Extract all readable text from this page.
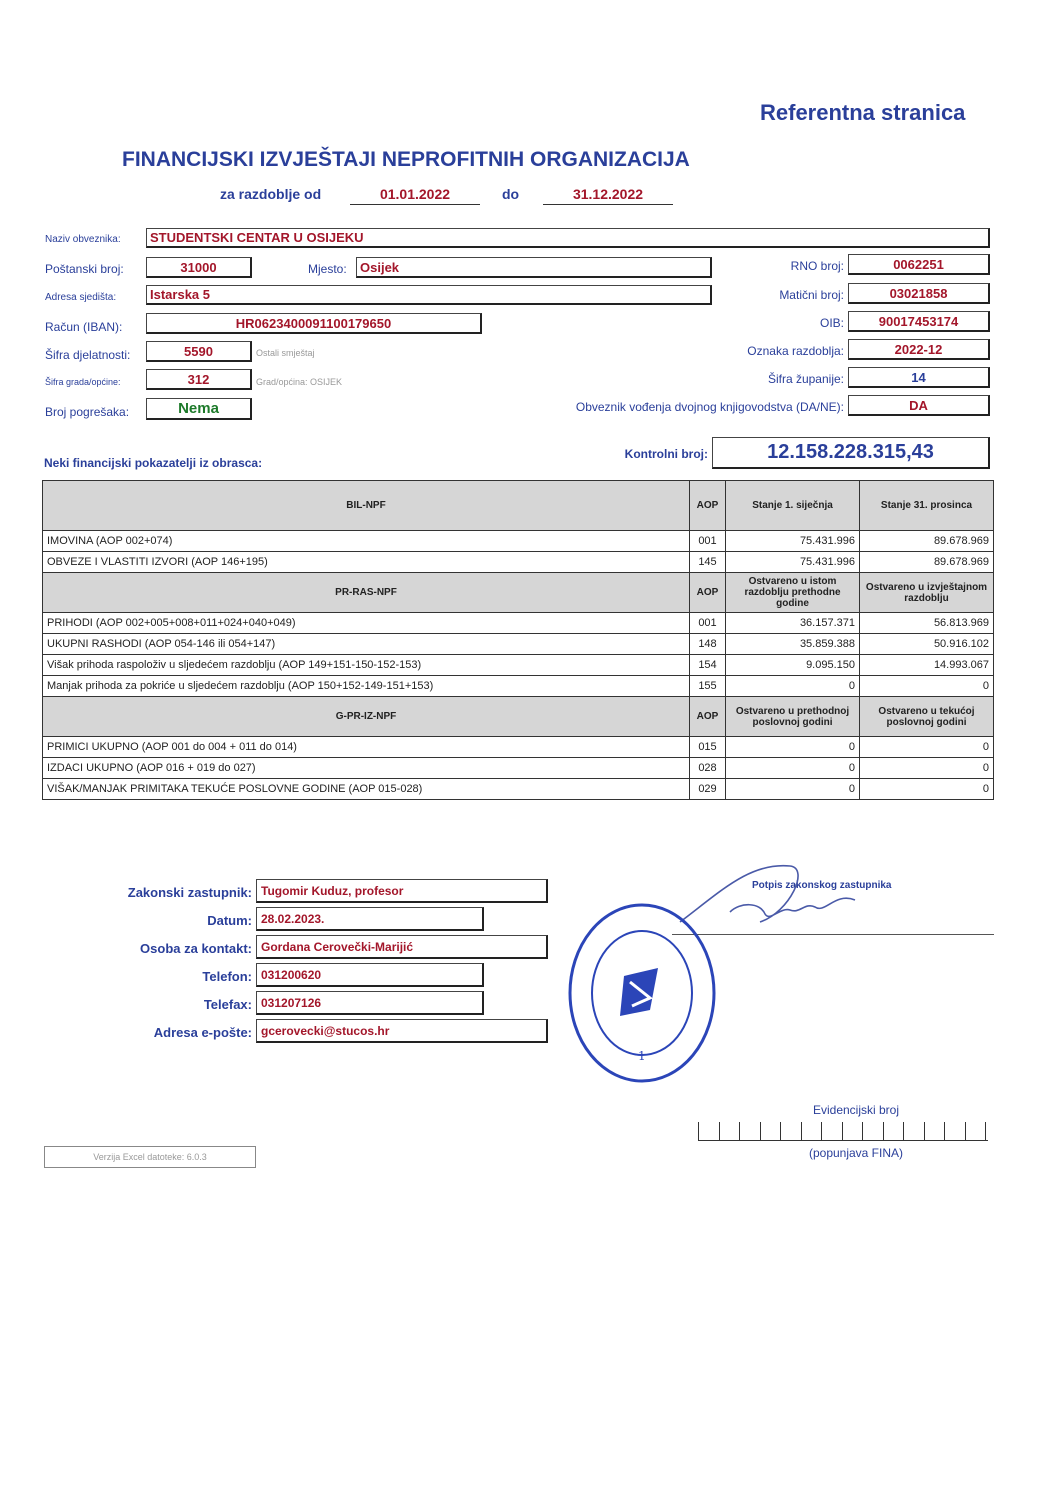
Referentna stranica
FINANCIJSKI IZVJEŠTAJI NEPROFITNIH ORGANIZACIJA
za razdoblje od	01.01.2022	do	31.12.2022
Naziv obveznika:	STUDENTSKI CENTAR U OSIJEKU
Poštanski broj:	31000	Mjesto:	Osijek	RNO broj:	0062251
Adresa sjedišta:	Istarska 5	Matični broj:	03021858
Račun (IBAN):	HR0623400091100179650	OIB:	90017453174
Šifra djelatnosti:	5590	Ostali smještaj	Oznaka razdoblja:	2022-12
Šifra grada/općine:	312	Grad/općina: OSIJEK	Šifra županije:	14
Broj pogrešaka:	Nema	Obveznik vođenja dvojnog knjigovodstva (DA/NE):	DA
Neki financijski pokazatelji iz obrasca:
Kontrolni broj:	12.158.228.315,43
BIL-NPF	AOP	Stanje 1. siječnja	Stanje 31. prosinca
IMOVINA (AOP 002+074)	001	75.431.996	89.678.969
OBVEZE I VLASTITI IZVORI (AOP 146+195)	145	75.431.996	89.678.969
PR-RAS-NPF	AOP	Ostvareno u istom razdoblju prethodne godine	Ostvareno u izvještajnom razdoblju
PRIHODI (AOP 002+005+008+011+024+040+049)	001	36.157.371	56.813.969
UKUPNI RASHODI (AOP 054-146 ili 054+147)	148	35.859.388	50.916.102
Višak prihoda raspoloživ u sljedećem razdoblju (AOP 149+151-150-152-153)	154	9.095.150	14.993.067
Manjak prihoda za pokriće u sljedećem razdoblju (AOP 150+152-149-151+153)	155	0	0
G-PR-IZ-NPF	AOP	Ostvareno u prethodnoj poslovnoj godini	Ostvareno u tekućoj poslovnoj godini
PRIMICI UKUPNO (AOP 001 do 004 + 011 do 014)	015	0	0
IZDACI UKUPNO (AOP 016 + 019 do 027)	028	0	0
VIŠAK/MANJAK PRIMITAKA TEKUĆE POSLOVNE GODINE (AOP 015-028)	029	0	0
Zakonski zastupnik: Tugomir Kuduz, profesor
Datum: 28.02.2023.
Osoba za kontakt: Gordana Cerovečki-Marijić
Telefon: 031200620
Telefax: 031207126
Adresa e-pošte: gcerovecki@stucos.hr
Potpis zakonskog zastupnika
1
Evidencijski broj
(popunjava FINA)
Verzija Excel datoteke: 6.0.3
